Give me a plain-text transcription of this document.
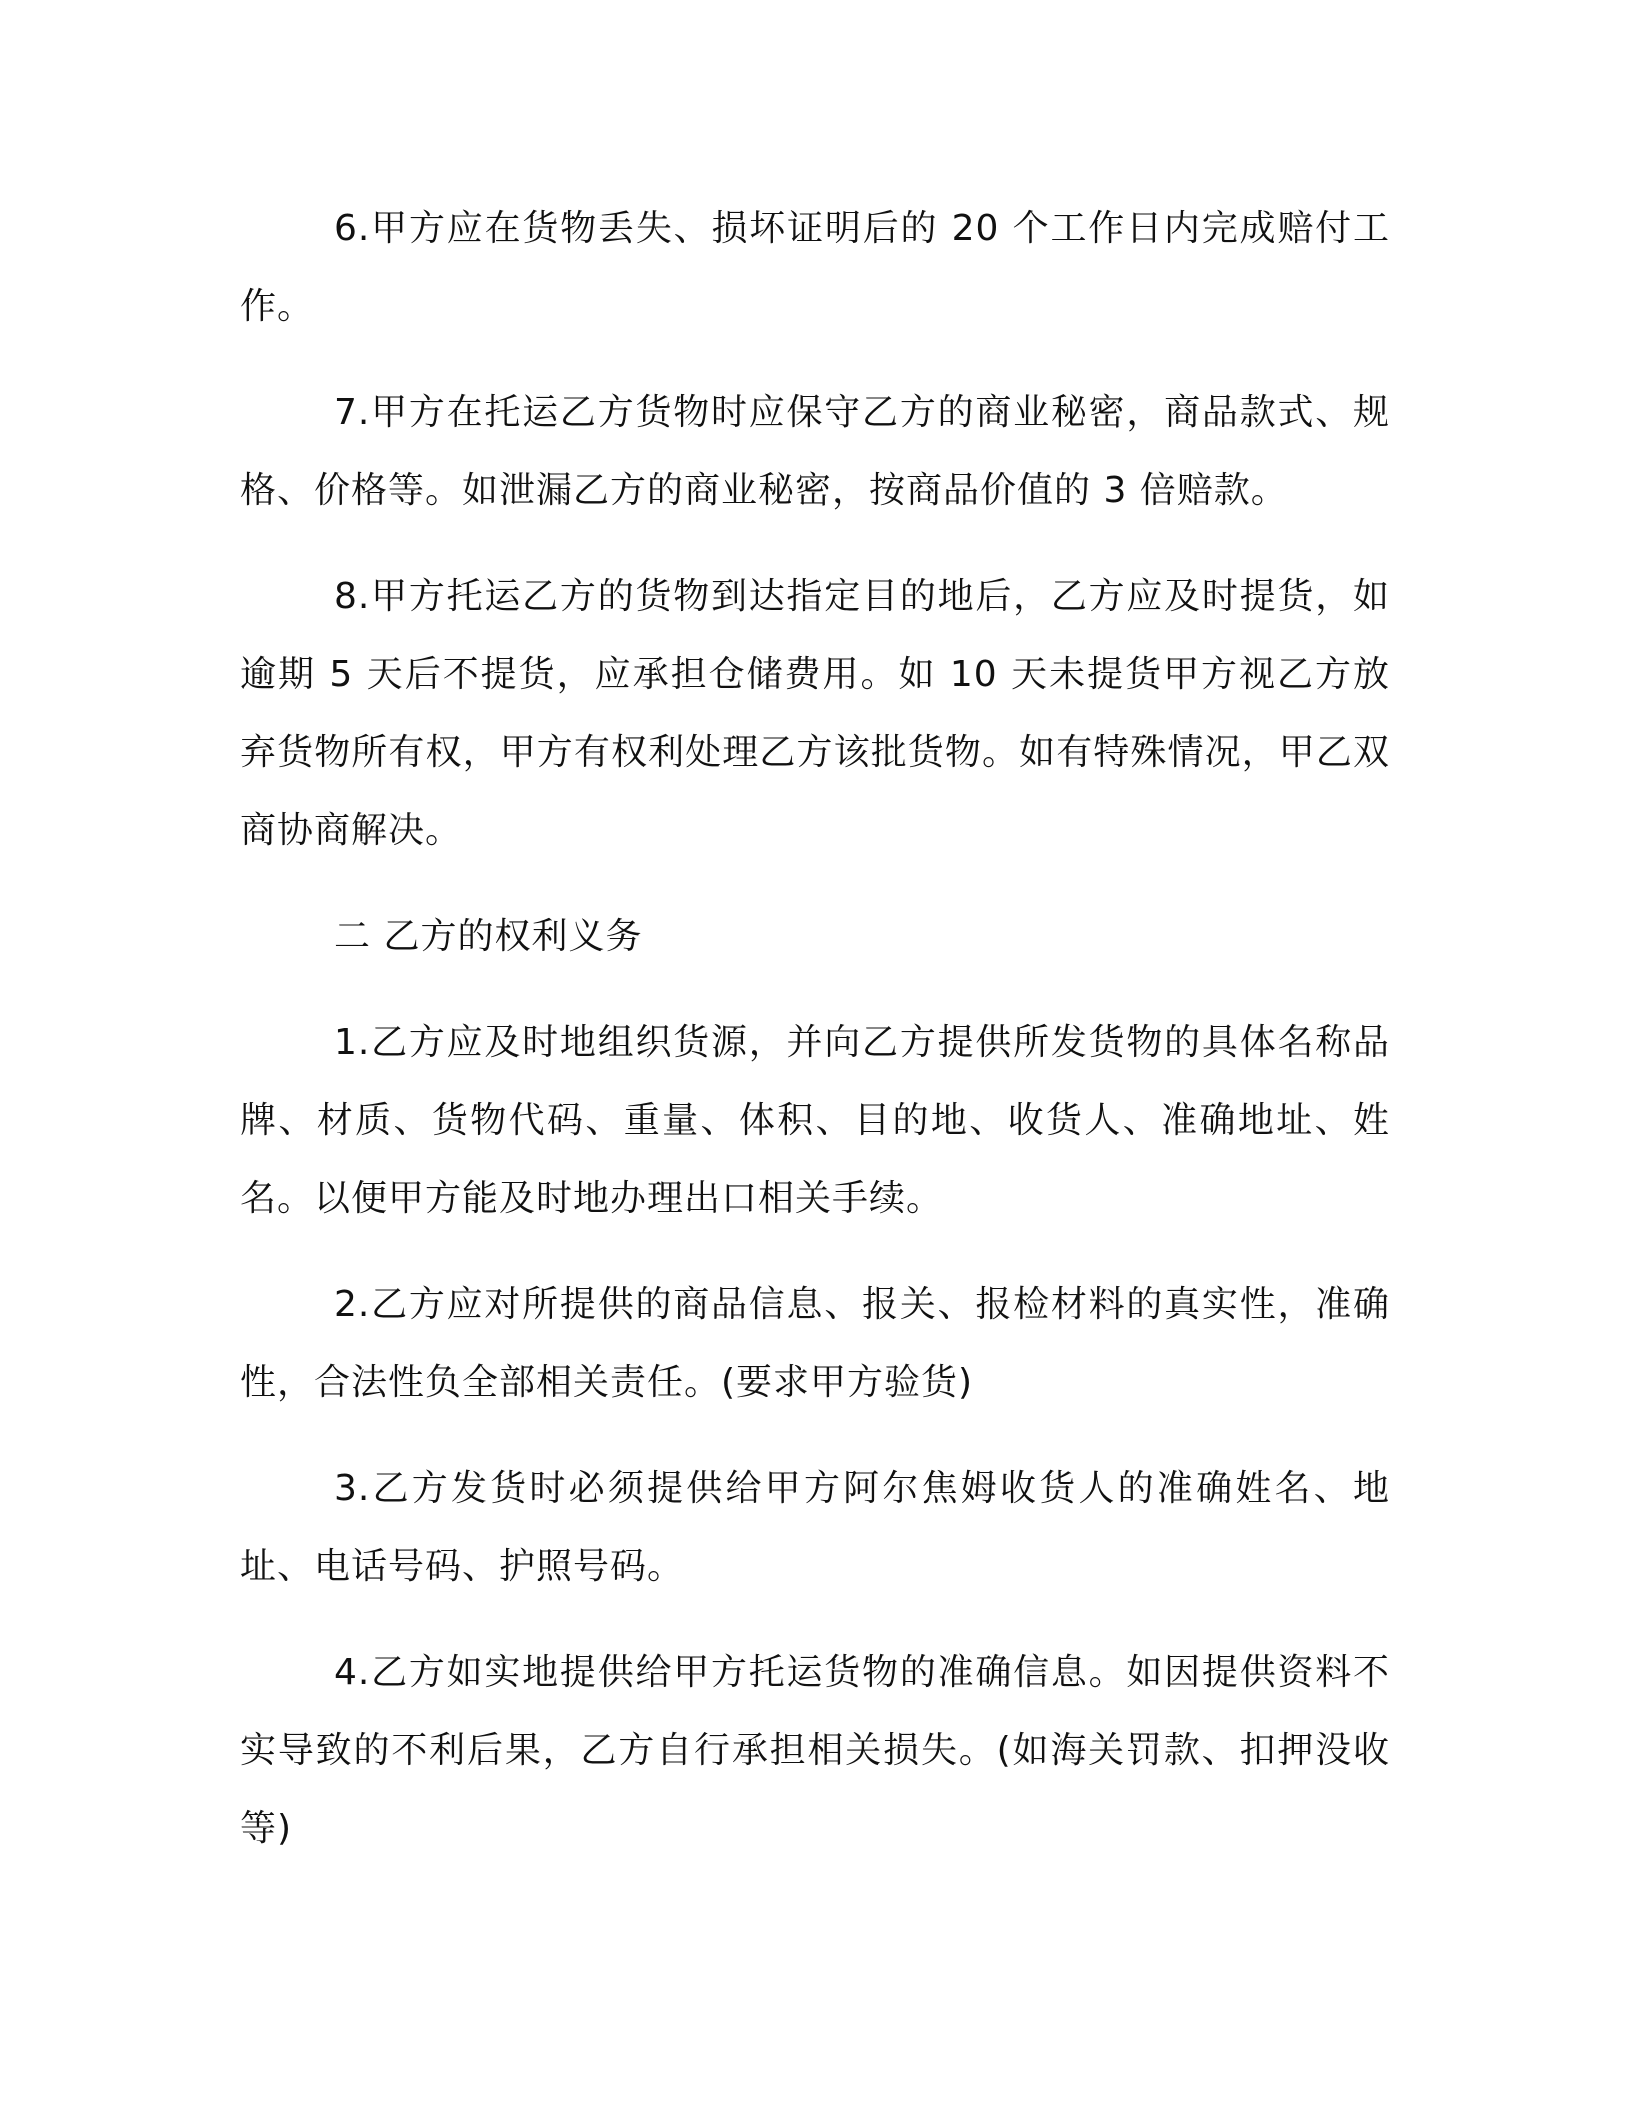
6.甲方应在货物丢失、损坏证明后的 20 个工作日内完成赔付工作。

7.甲方在托运乙方货物时应保守乙方的商业秘密，商品款式、规格、价格等。如泄漏乙方的商业秘密，按商品价值的 3 倍赔款。

8.甲方托运乙方的货物到达指定目的地后，乙方应及时提货，如逾期 5 天后不提货，应承担仓储费用。如 10 天未提货甲方视乙方放弃货物所有权，甲方有权利处理乙方该批货物。如有特殊情况，甲乙双商协商解决。

二 乙方的权利义务

1.乙方应及时地组织货源，并向乙方提供所发货物的具体名称品牌、材质、货物代码、重量、体积、目的地、收货人、准确地址、姓名。以便甲方能及时地办理出口相关手续。

2.乙方应对所提供的商品信息、报关、报检材料的真实性，准确性，合法性负全部相关责任。(要求甲方验货)

3.乙方发货时必须提供给甲方阿尔焦姆收货人的准确姓名、地址、电话号码、护照号码。

4.乙方如实地提供给甲方托运货物的准确信息。如因提供资料不实导致的不利后果，乙方自行承担相关损失。(如海关罚款、扣押没收等)
